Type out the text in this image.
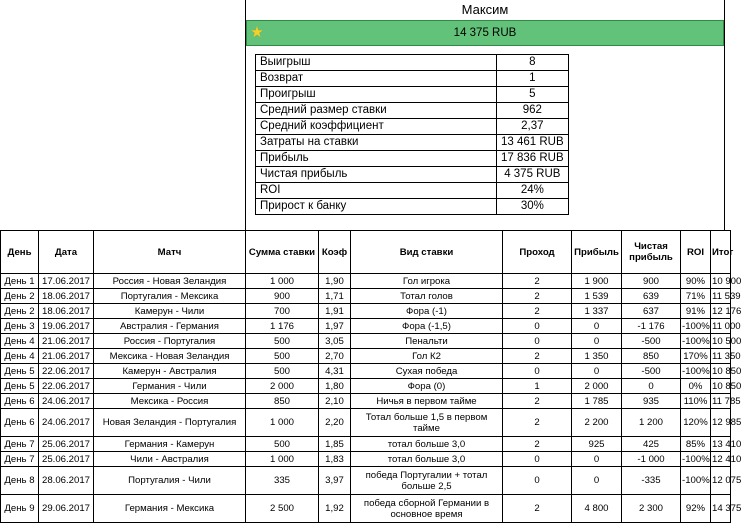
Максим
★	14 375 RUB
Выигрыш	8
Возврат	1
Проигрыш	5
Средний размер ставки	962
Средний коэффициент	2,37
Затраты на ставки	13 461 RUB
Прибыль	17 836 RUB
Чистая прибыль	4 375 RUB
ROI	24%
Прирост к банку	30%
День	Дата	Матч	Сумма ставки	Коэф	Вид ставки	Проход	Прибыль	Чистая прибыль	ROI	Итог
День 1	17.06.2017	Россия - Новая Зеландия	1 000	1,90	Гол игрока	2	1 900	900	90%	10 900
День 2	18.06.2017	Португалия - Мексика	900	1,71	Тотал голов	2	1 539	639	71%	11 539
День 2	18.06.2017	Камерун - Чили	700	1,91	Фора (-1)	2	1 337	637	91%	12 176
День 3	19.06.2017	Австралия - Германия	1 176	1,97	Фора (-1,5)	0	0	-1 176	-100%	11 000
День 4	21.06.2017	Россия - Португалия	500	3,05	Пенальти	0	0	-500	-100%	10 500
День 4	21.06.2017	Мексика - Новая Зеландия	500	2,70	Гол К2	2	1 350	850	170%	11 350
День 5	22.06.2017	Камерун - Австралия	500	4,31	Сухая победа	0	0	-500	-100%	10 850
День 5	22.06.2017	Германия - Чили	2 000	1,80	Фора (0)	1	2 000	0	0%	10 850
День 6	24.06.2017	Мексика - Россия	850	2,10	Ничья в первом тайме	2	1 785	935	110%	11 785
День 6	24.06.2017	Новая Зеландия - Португалия	1 000	2,20	Тотал больше 1,5 в первом тайме	2	2 200	1 200	120%	12 985
День 7	25.06.2017	Германия - Камерун	500	1,85	тотал больше 3,0	2	925	425	85%	13 410
День 7	25.06.2017	Чили - Австралия	1 000	1,83	тотал больше 3,0	0	0	-1 000	-100%	12 410
День 8	28.06.2017	Португалия - Чили	335	3,97	победа Португалии + тотал больше 2,5	0	0	-335	-100%	12 075
День 9	29.06.2017	Германия - Мексика	2 500	1,92	победа сборной Германии в основное время	2	4 800	2 300	92%	14 375
